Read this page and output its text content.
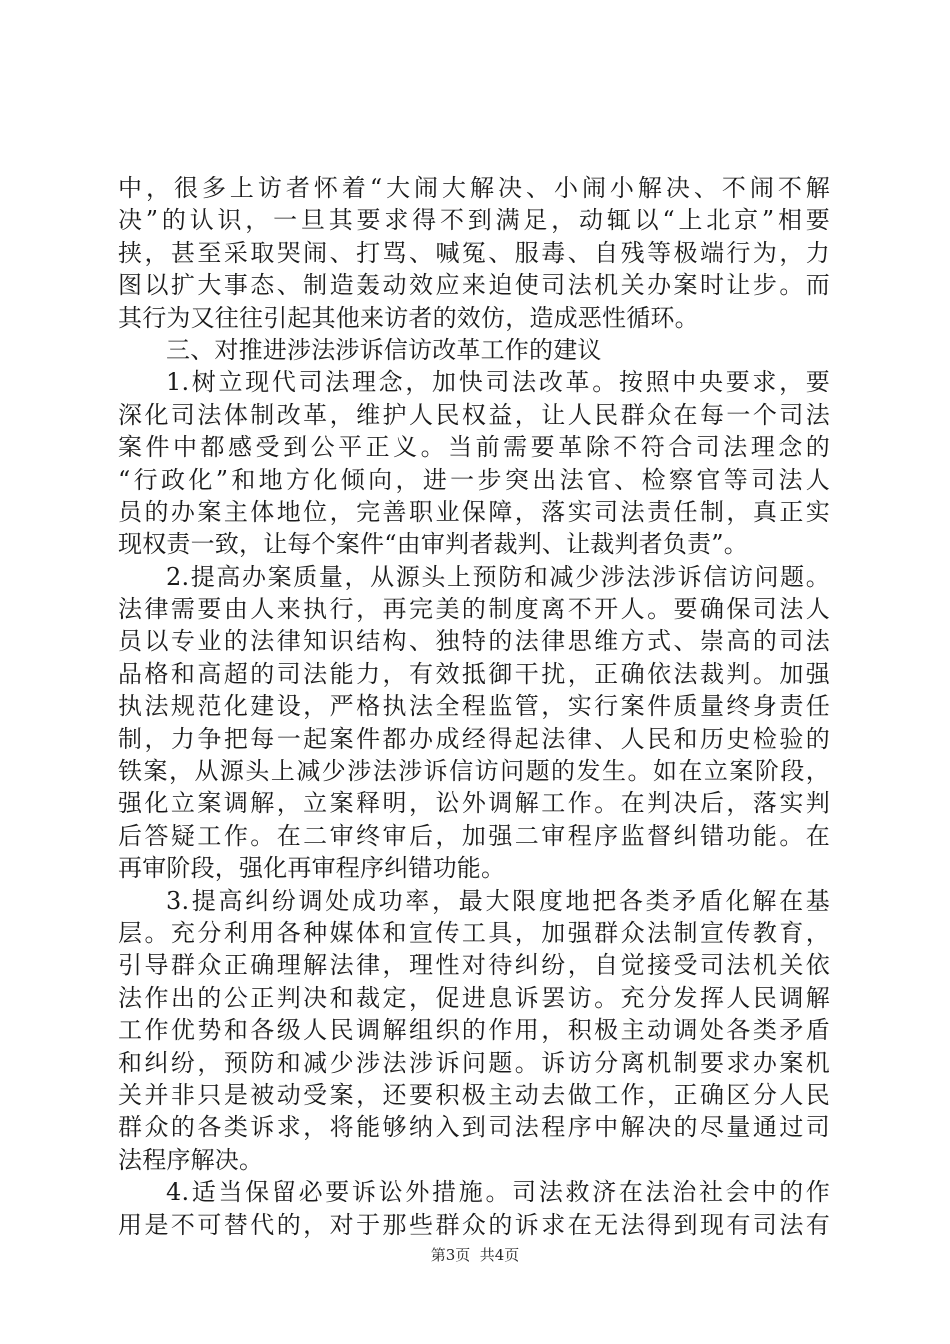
中，很多上访者怀着“大闹大解决、小闹小解决、不闹不解
决”的认识，一旦其要求得不到满足，动辄以“上北京”相要
挟，甚至采取哭闹、打骂、喊冤、服毒、自残等极端行为，力
图以扩大事态、制造轰动效应来迫使司法机关办案时让步。而
其行为又往往引起其他来访者的效仿，造成恶性循环。
三、对推进涉法涉诉信访改革工作的建议
1.树立现代司法理念，加快司法改革。按照中央要求，要
深化司法体制改革，维护人民权益，让人民群众在每一个司法
案件中都感受到公平正义。当前需要革除不符合司法理念的
“行政化”和地方化倾向，进一步突出法官、检察官等司法人
员的办案主体地位，完善职业保障，落实司法责任制，真正实
现权责一致，让每个案件“由审判者裁判、让裁判者负责”。
2.提高办案质量，从源头上预防和减少涉法涉诉信访问题。
法律需要由人来执行，再完美的制度离不开人。要确保司法人
员以专业的法律知识结构、独特的法律思维方式、崇高的司法
品格和高超的司法能力，有效抵御干扰，正确依法裁判。加强
执法规范化建设，严格执法全程监管，实行案件质量终身责任
制，力争把每一起案件都办成经得起法律、人民和历史检验的
铁案，从源头上减少涉法涉诉信访问题的发生。如在立案阶段，
强化立案调解，立案释明，讼外调解工作。在判决后，落实判
后答疑工作。在二审终审后，加强二审程序监督纠错功能。在
再审阶段，强化再审程序纠错功能。
3.提高纠纷调处成功率，最大限度地把各类矛盾化解在基
层。充分利用各种媒体和宣传工具，加强群众法制宣传教育，
引导群众正确理解法律，理性对待纠纷，自觉接受司法机关依
法作出的公正判决和裁定，促进息诉罢访。充分发挥人民调解
工作优势和各级人民调解组织的作用，积极主动调处各类矛盾
和纠纷，预防和减少涉法涉诉问题。诉访分离机制要求办案机
关并非只是被动受案，还要积极主动去做工作，正确区分人民
群众的各类诉求，将能够纳入到司法程序中解决的尽量通过司
法程序解决。
4.适当保留必要诉讼外措施。司法救济在法治社会中的作
用是不可替代的，对于那些群众的诉求在无法得到现有司法有
第3页  共4页
